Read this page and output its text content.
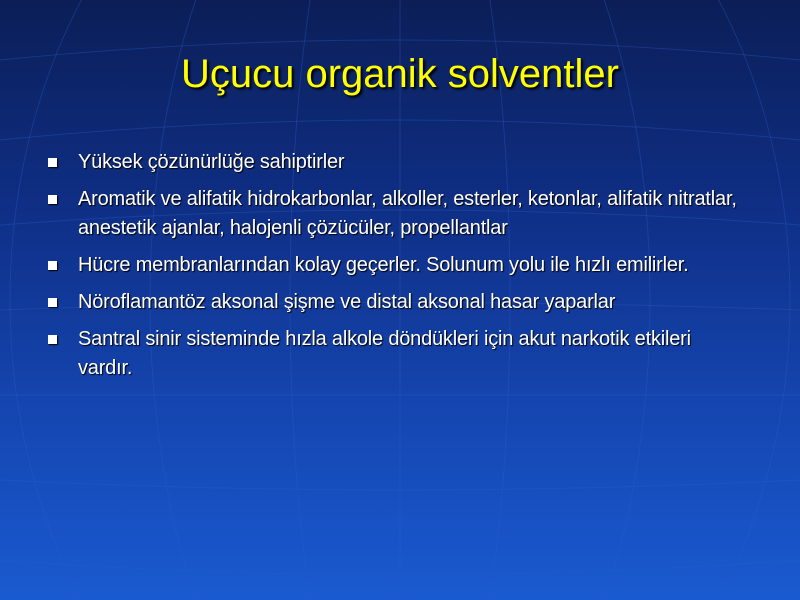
Uçucu organik solventler
Yüksek çözünürlüğe sahiptirler
Aromatik ve alifatik hidrokarbonlar, alkoller, esterler, ketonlar, alifatik nitratlar, anestetik ajanlar, halojenli çözücüler, propellantlar
Hücre membranlarından kolay geçerler. Solunum yolu ile hızlı emilirler.
Nöroflamantöz aksonal şişme ve distal aksonal hasar yaparlar
Santral sinir sisteminde hızla alkole döndükleri için akut narkotik etkileri vardır.
